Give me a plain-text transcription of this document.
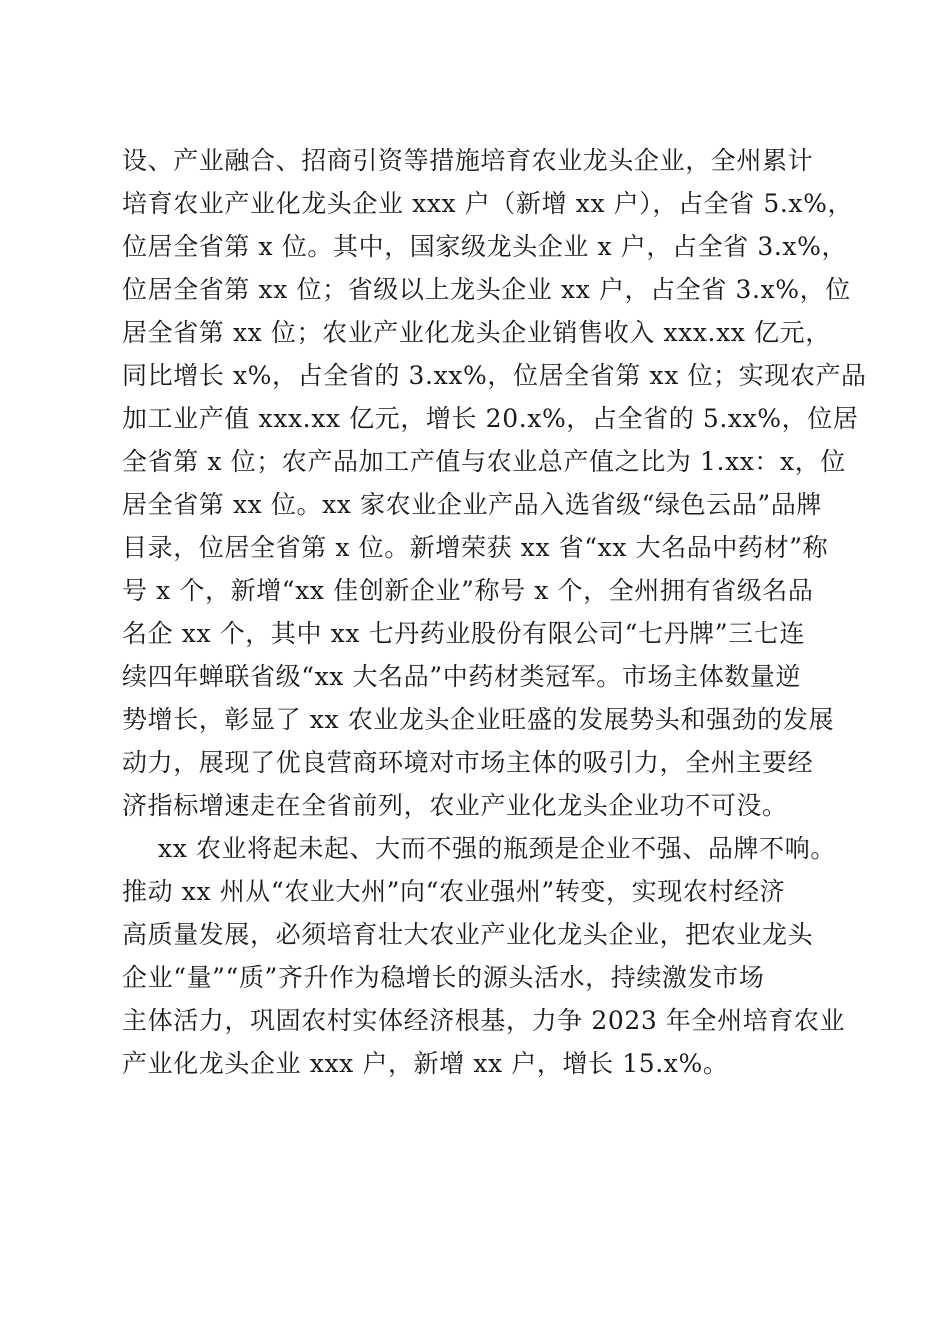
设、产业融合、招商引资等措施培育农业龙头企业，全州累计
培育农业产业化龙头企业 xxx 户（新增 xx 户），占全省 5.x%，
位居全省第 x 位。其中，国家级龙头企业 x 户，占全省 3.x%，
位居全省第 xx 位；省级以上龙头企业 xx 户，占全省 3.x%，位
居全省第 xx 位；农业产业化龙头企业销售收入 xxx.xx 亿元，
同比增长 x%，占全省的 3.xx%，位居全省第 xx 位；实现农产品
加工业产值 xxx.xx 亿元，增长 20.x%，占全省的 5.xx%，位居
全省第 x 位；农产品加工产值与农业总产值之比为 1.xx：x，位
居全省第 xx 位。xx 家农业企业产品入选省级“绿色云品”品牌
目录，位居全省第 x 位。新增荣获 xx 省“xx 大名品中药材”称
号 x 个，新增“xx 佳创新企业”称号 x 个，全州拥有省级名品
名企 xx 个，其中 xx 七丹药业股份有限公司“七丹牌”三七连
续四年蝉联省级“xx 大名品”中药材类冠军。市场主体数量逆
势增长，彰显了 xx 农业龙头企业旺盛的发展势头和强劲的发展
动力，展现了优良营商环境对市场主体的吸引力，全州主要经
济指标增速走在全省前列，农业产业化龙头企业功不可没。
xx 农业将起未起、大而不强的瓶颈是企业不强、品牌不响。
推动 xx 州从“农业大州”向“农业强州”转变，实现农村经济
高质量发展，必须培育壮大农业产业化龙头企业，把农业龙头
企业“量”“质”齐升作为稳增长的源头活水，持续激发市场
主体活力，巩固农村实体经济根基，力争 2023 年全州培育农业
产业化龙头企业 xxx 户，新增 xx 户，增长 15.x%。
